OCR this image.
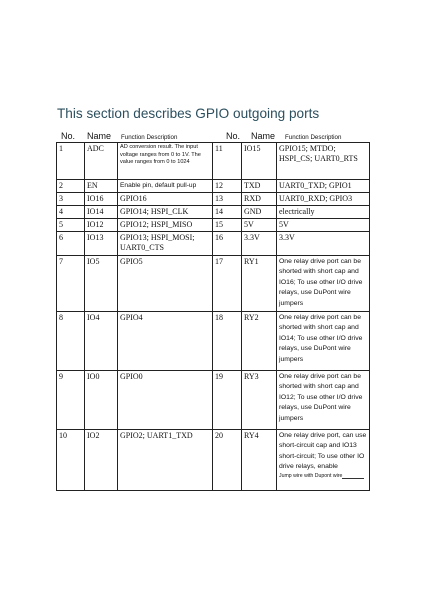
This section describes GPIO outgoing ports
No. Name Function Description	No. Name Function Description
1	ADC	AD conversion result. The input voltage ranges from 0 to 1V. The value ranges from 0 to 1024	11	IO15	GPIO15; MTDO; HSPI_CS; UART0_RTS
2	EN	Enable pin, default pull-up	12	TXD	UART0_TXD; GPIO1
3	IO16	GPIO16	13	RXD	UART0_RXD; GPIO3
4	IO14	GPIO14; HSPI_CLK	14	GND	electrically
5	IO12	GPIO12; HSPI_MISO	15	5V	5V
6	IO13	GPIO13; HSPI_MOSI; UART0_CTS	16	3.3V	3.3V
7	IO5	GPIO5	17	RY1	One relay drive port can be shorted with short cap and IO16; To use other I/O drive relays, use DuPont wire jumpers
8	IO4	GPIO4	18	RY2	One relay drive port can be shorted with short cap and IO14; To use other I/O drive relays, use DuPont wire jumpers
9	IO0	GPIO0	19	RY3	One relay drive port can be shorted with short cap and IO12; To use other I/O drive relays, use DuPont wire jumpers
10	IO2	GPIO2; UART1_TXD	20	RY4	One relay drive port, can use short-circuit cap and IO13 short-circuit; To use other IO drive relays, enable
Jump wire with Dupont wire
